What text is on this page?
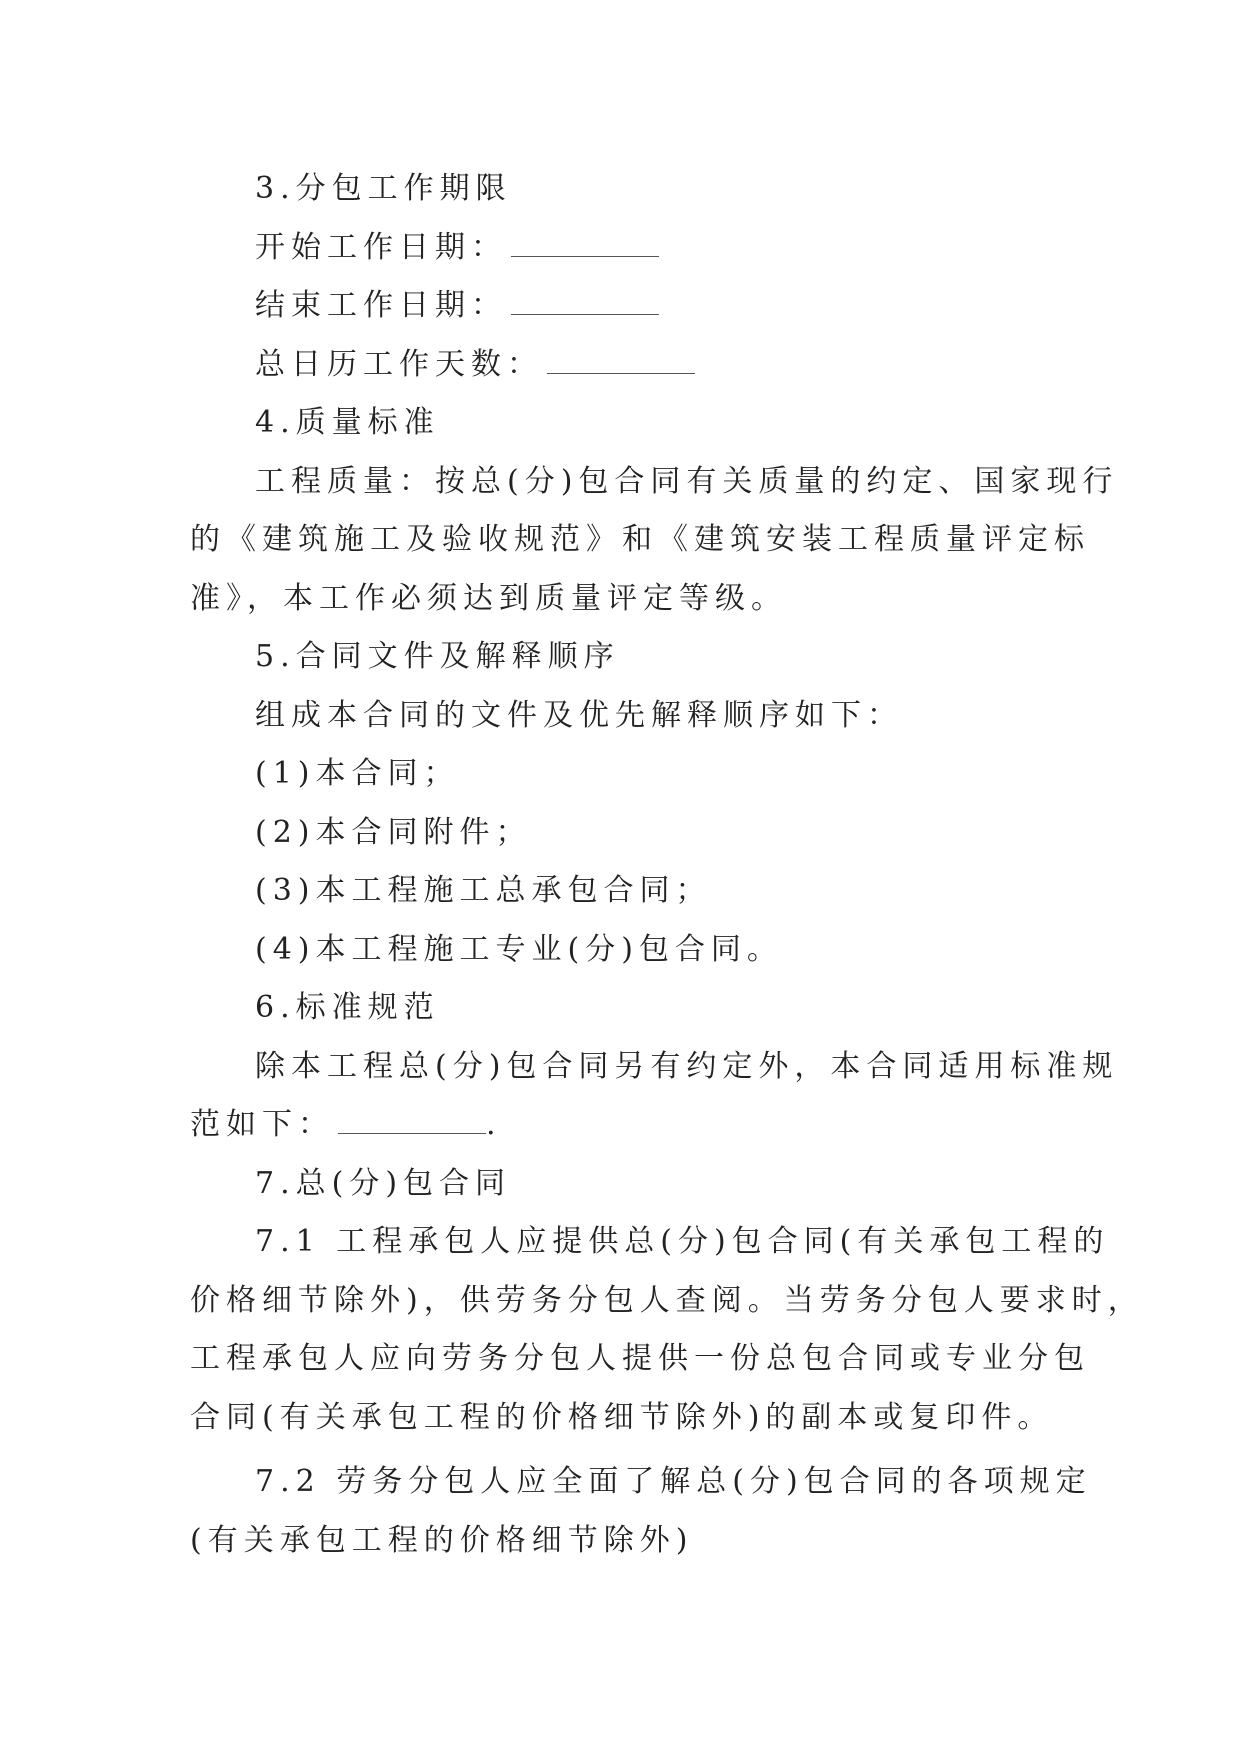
3.分包工作期限
开始工作日期：
结束工作日期：
总日历工作天数：
4.质量标准
工程质量：按总(分)包合同有关质量的约定、国家现行
的《建筑施工及验收规范》和《建筑安装工程质量评定标
准》，本工作必须达到质量评定等级。
5.合同文件及解释顺序
组成本合同的文件及优先解释顺序如下：
(1)本合同；
(2)本合同附件；
(3)本工程施工总承包合同；
(4)本工程施工专业(分)包合同。
6.标准规范
除本工程总(分)包合同另有约定外，本合同适用标准规
范如下：	.
7.总(分)包合同
7.1 工程承包人应提供总(分)包合同(有关承包工程的
价格细节除外)，供劳务分包人查阅。当劳务分包人要求时，
工程承包人应向劳务分包人提供一份总包合同或专业分包
合同(有关承包工程的价格细节除外)的副本或复印件。
7.2 劳务分包人应全面了解总(分)包合同的各项规定
(有关承包工程的价格细节除外)
